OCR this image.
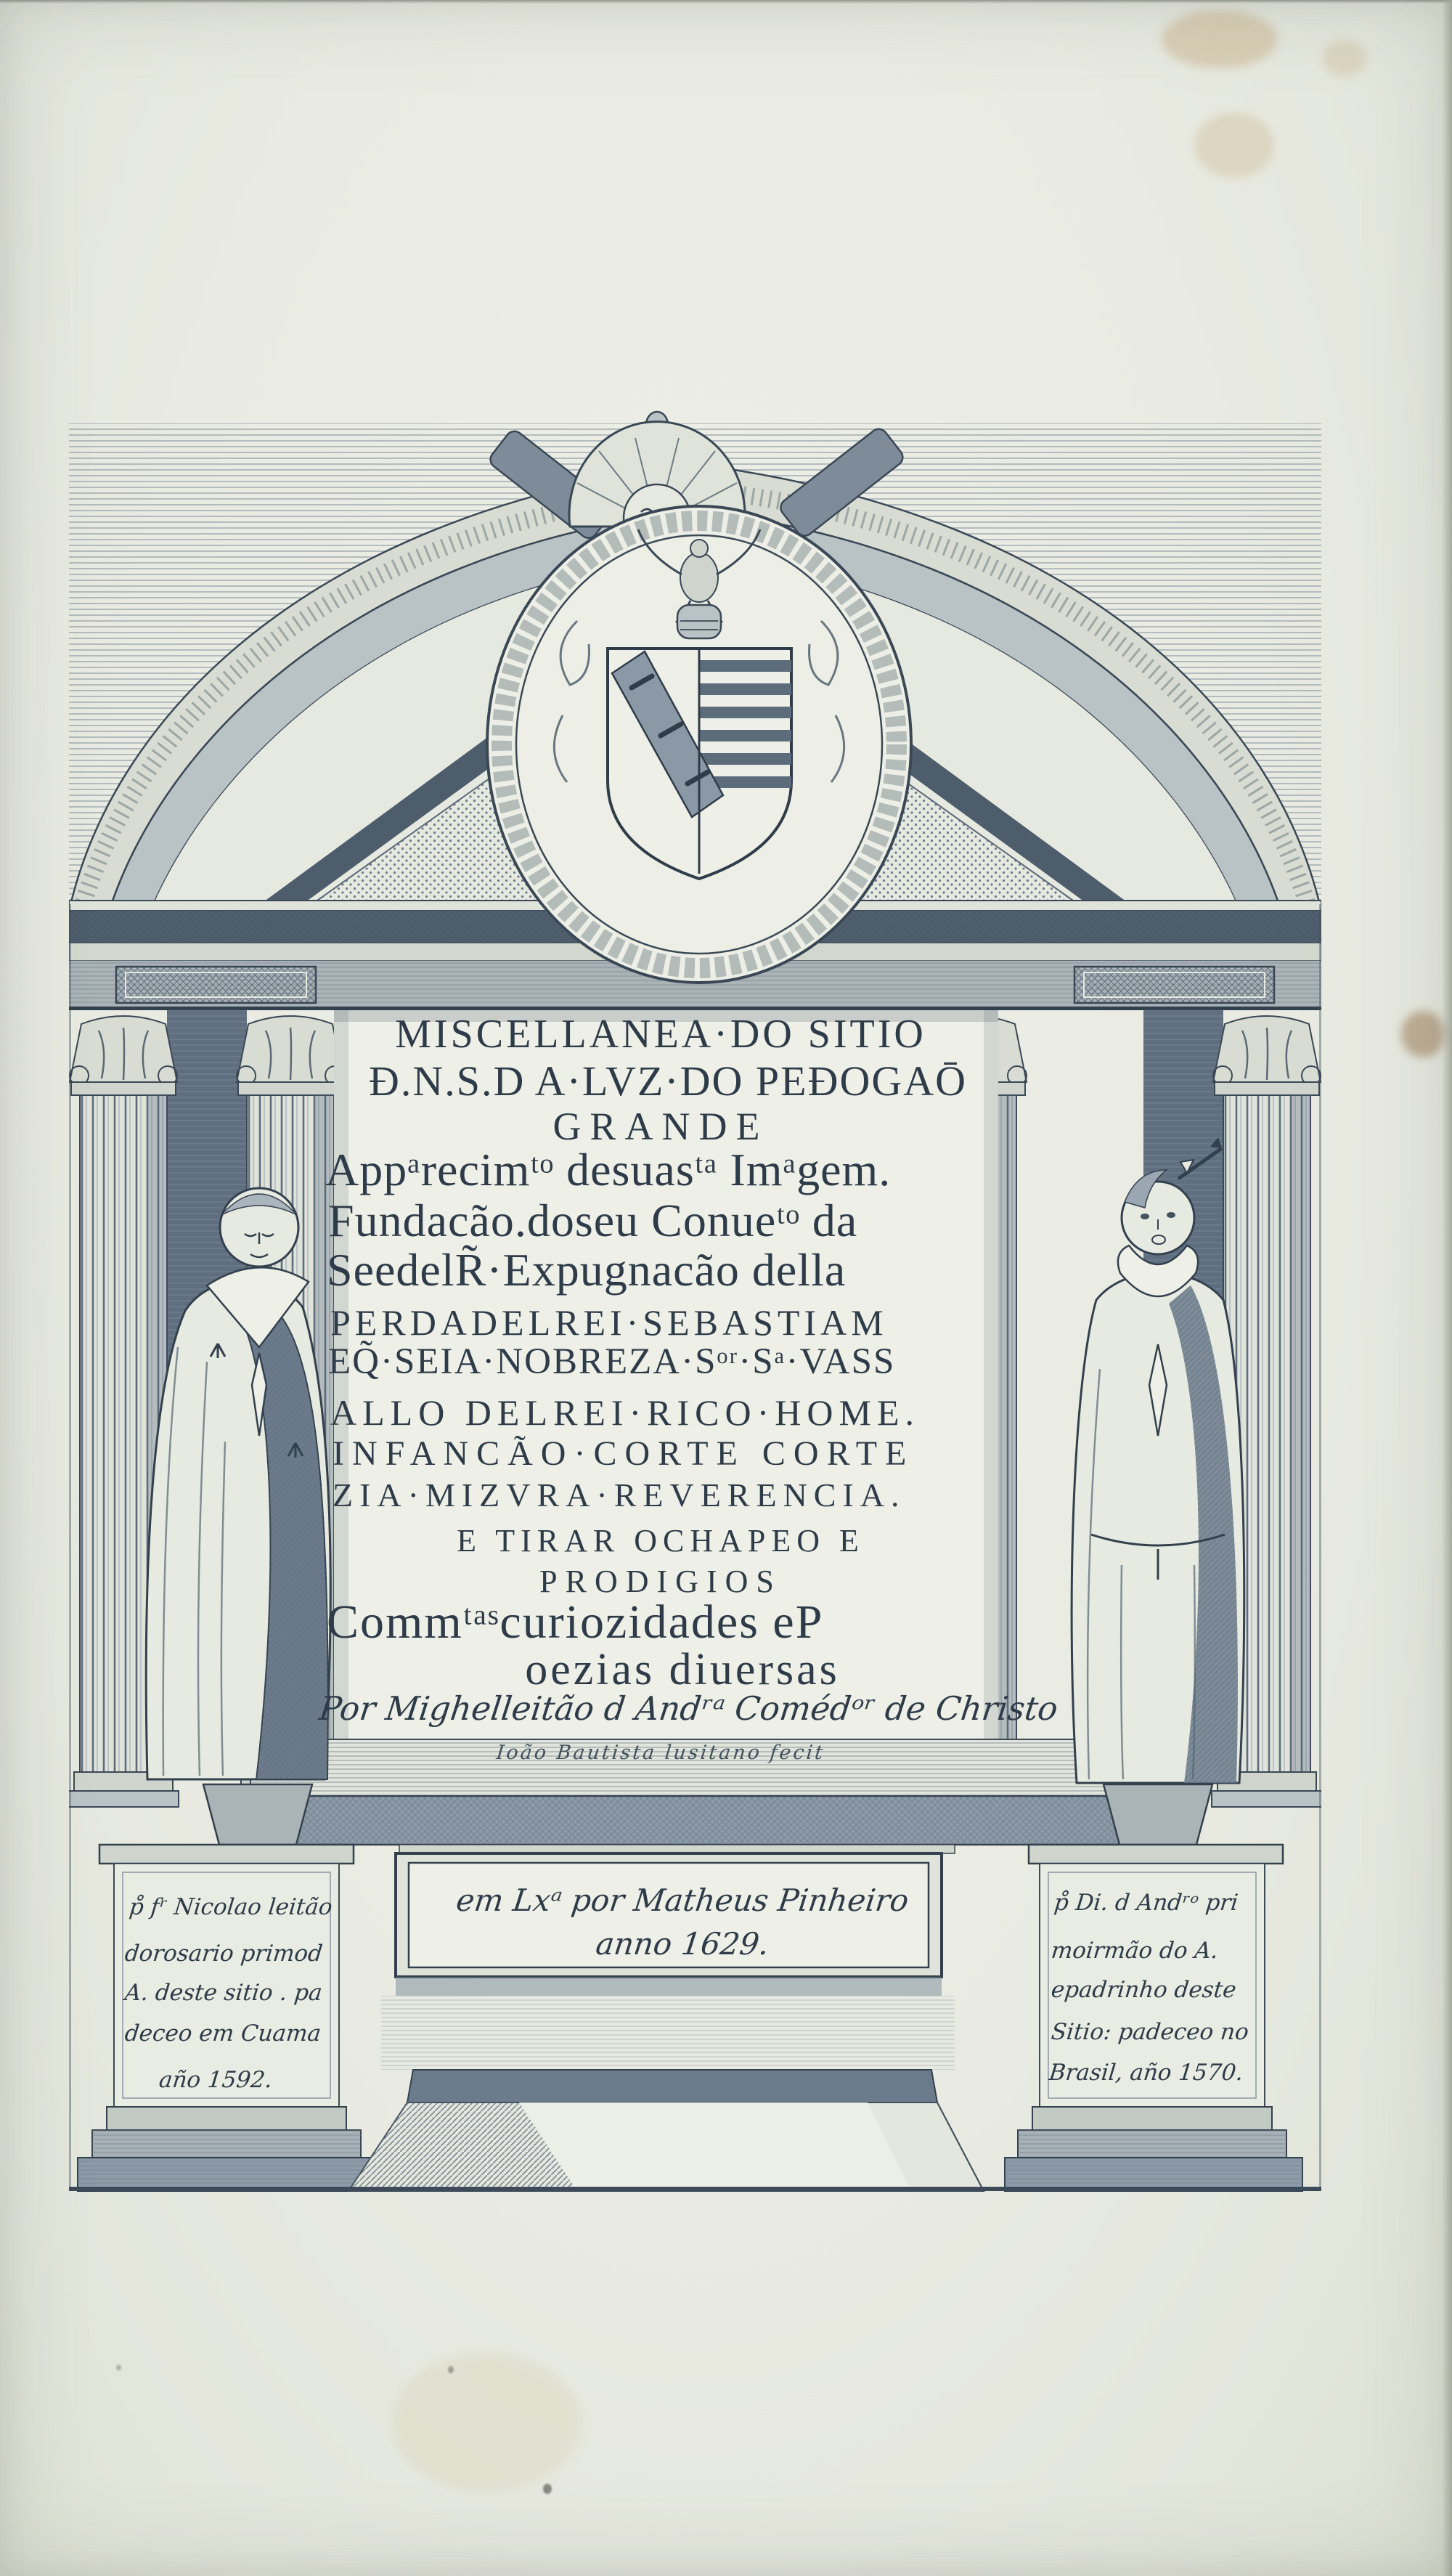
MISCELLANEA·DO SITIO
Đ.N.S.D A·LVZ·DO PEĐOGAŌ
GRANDE
Appᵃrecimᵗᵒ desuasᵗᵃ Imᵃgem.
Fundacão.doseu Conueᵗᵒ da
SeedelR̃·Expugnacão della
PERDADELREI·SEBASTIAM
EQ̃·SEIA·NOBREZA·Sᵒʳ·Sᵃ·VASS
ALLO DELREI·RICO·HOME.
INFANCÃO·CORTE CORTE
ZIA·MIZVRA·REVERENCIA.
E TIRAR OCHAPEO E
PRODIGIOS
Commᵗᵃˢcuriozidades eP
oezias diuersas
Por Mighelleitão d Andʳᵃ Comédᵒʳ de Christo
Ioão Bautista lusitano fecit
em Lxᵃ por Matheus Pinheiro
anno 1629.
p̊ fʳ Nicolao leitão
dorosario primod
A. deste sitio . pa
deceo em Cuama
año 1592.
p̊ Di. d Andʳᵒ pri
moirmão do A.
epadrinho deste
Sitio: padeceo no
Brasil, año 1570.
